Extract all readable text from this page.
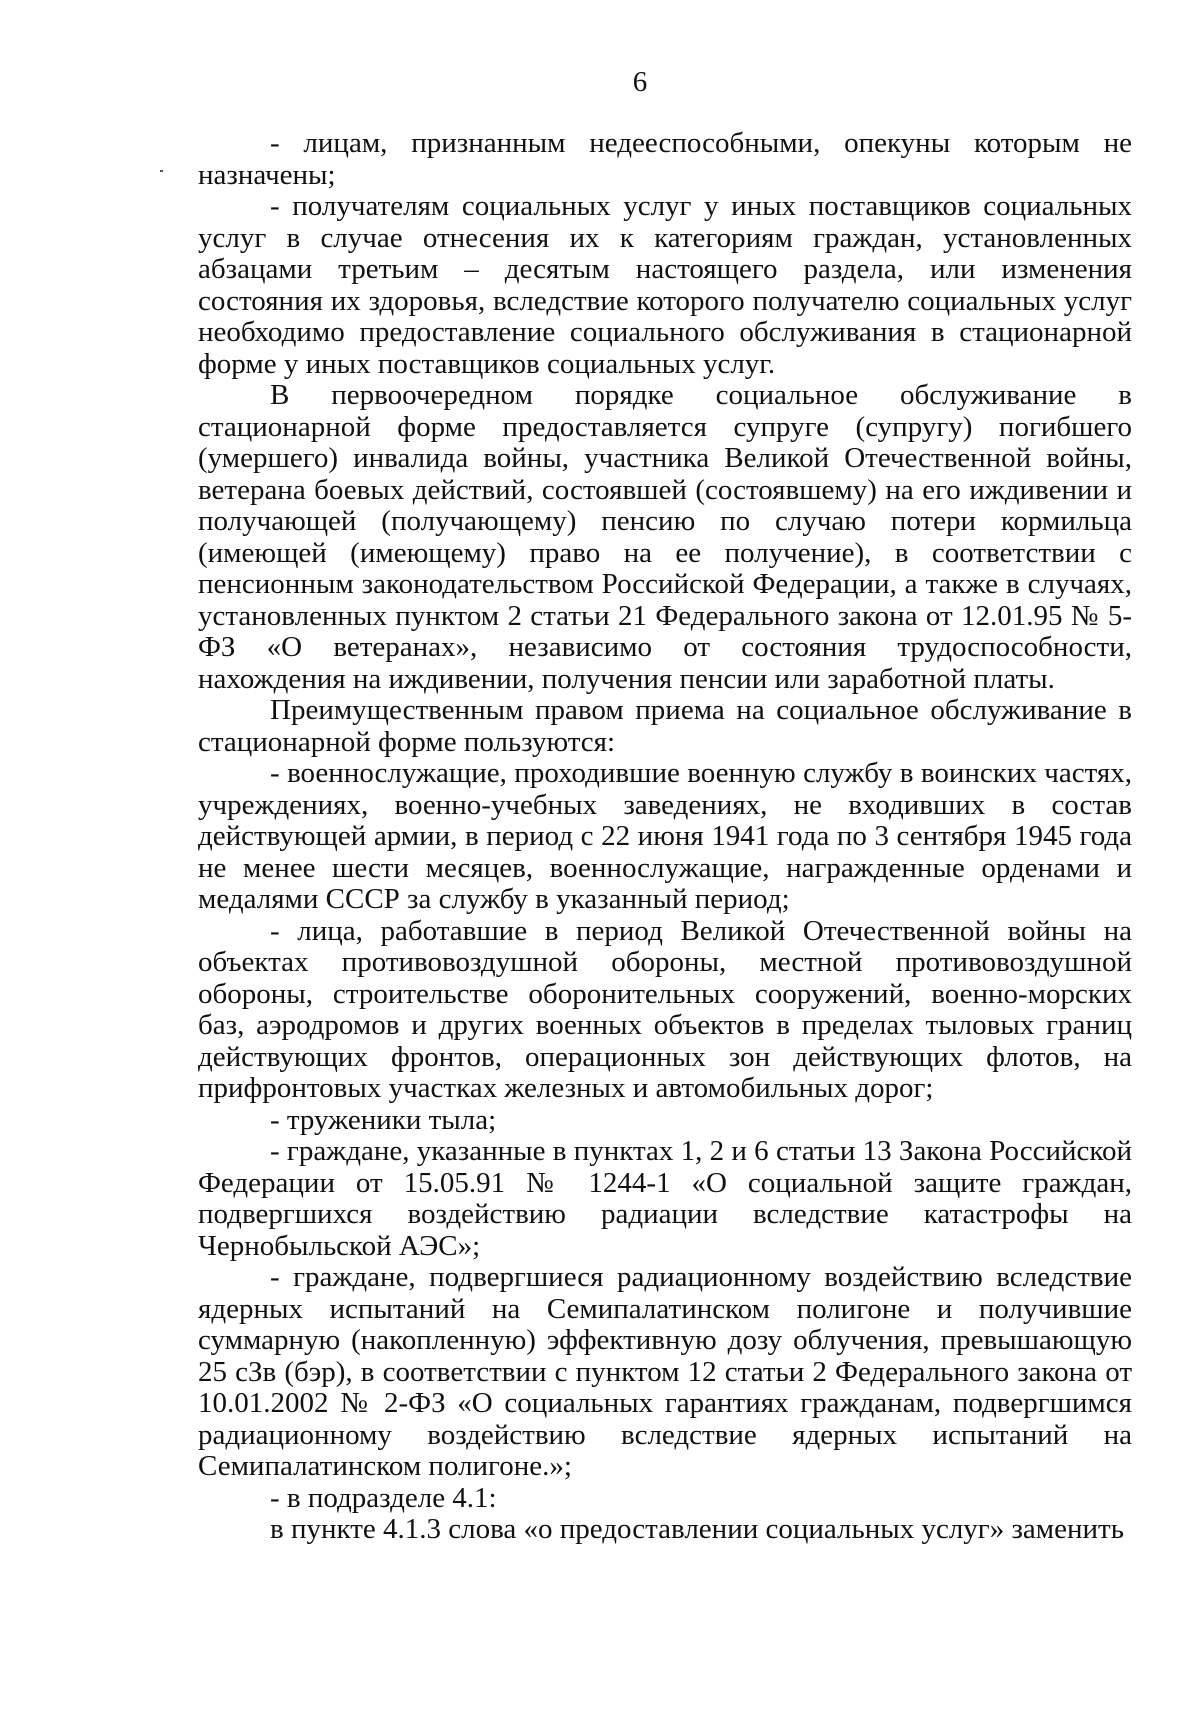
6

- лицам, признанным недееспособными, опекуны которым не назначены;

- получателям социальных услуг у иных поставщиков социальных услуг в случае отнесения их к категориям граждан, установленных абзацами третьим – десятым настоящего раздела, или изменения состояния их здоровья, вследствие которого получателю социальных услуг необходимо предоставление социального обслуживания в стационарной форме у иных поставщиков социальных услуг.

В первоочередном порядке социальное обслуживание в стационарной форме предоставляется супруге (супругу) погибшего (умершего) инвалида войны, участника Великой Отечественной войны, ветерана боевых действий, состоявшей (состоявшему) на его иждивении и получающей (получающему) пенсию по случаю потери кормильца (имеющей (имеющему) право на ее получение), в соответствии с пенсионным законодательством Российской Федерации, а также в случаях, установленных пунктом 2 статьи 21 Федерального закона от 12.01.95 № 5-ФЗ «О ветеранах», независимо от состояния трудоспособности, нахождения на иждивении, получения пенсии или заработной платы.

Преимущественным правом приема на социальное обслуживание в стационарной форме пользуются:

- военнослужащие, проходившие военную службу в воинских частях, учреждениях, военно-учебных заведениях, не входивших в состав действующей армии, в период с 22 июня 1941 года по 3 сентября 1945 года не менее шести месяцев, военнослужащие, награжденные орденами и медалями СССР за службу в указанный период;

- лица, работавшие в период Великой Отечественной войны на объектах противовоздушной обороны, местной противовоздушной обороны, строительстве оборонительных сооружений, военно-морских баз, аэродромов и других военных объектов в пределах тыловых границ действующих фронтов, операционных зон действующих флотов, на прифронтовых участках железных и автомобильных дорог;

- труженики тыла;

- граждане, указанные в пунктах 1, 2 и 6 статьи 13 Закона Российской Федерации от 15.05.91 № 1244-1 «О социальной защите граждан, подвергшихся воздействию радиации вследствие катастрофы на Чернобыльской АЭС»;

- граждане, подвергшиеся радиационному воздействию вследствие ядерных испытаний на Семипалатинском полигоне и получившие суммарную (накопленную) эффективную дозу облучения, превышающую 25 сЗв (бэр), в соответствии с пунктом 12 статьи 2 Федерального закона от 10.01.2002 № 2-ФЗ «О социальных гарантиях гражданам, подвергшимся радиационному воздействию вследствие ядерных испытаний на Семипалатинском полигоне.»;

- в подразделе 4.1:

в пункте 4.1.3 слова «о предоставлении социальных услуг» заменить
